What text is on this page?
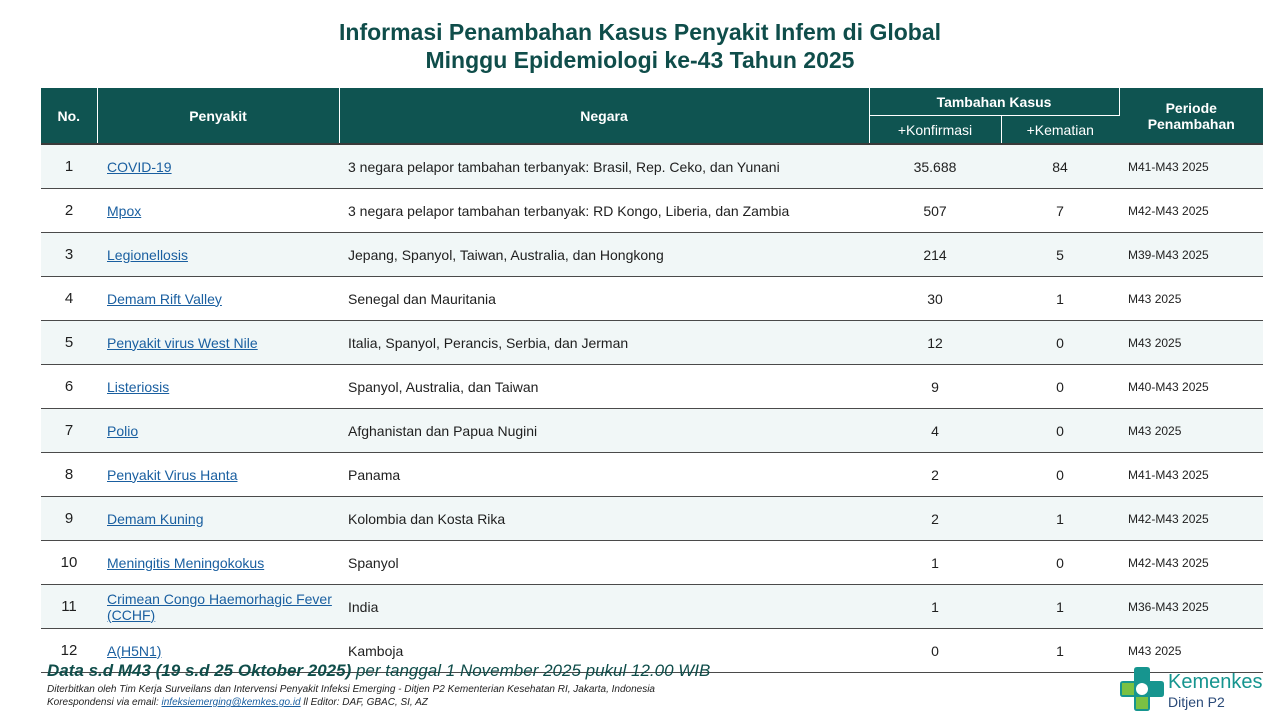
Informasi Penambahan Kasus Penyakit Infem di Global
Minggu Epidemiologi ke-43 Tahun 2025
No.	Penyakit	Negara	Tambahan Kasus		Periode
Penambahan

			+Konfirmasi	+Kematian	
1	COVID-19	3 negara pelapor tambahan terbanyak: Brasil, Rep. Ceko, dan Yunani	35.688	84	M41-M43 2025
2	Mpox	3 negara pelapor tambahan terbanyak: RD Kongo, Liberia, dan Zambia	507	7	M42-M43 2025
3	Legionellosis	Jepang, Spanyol, Taiwan, Australia, dan Hongkong	214	5	M39-M43 2025
4	Demam Rift Valley	Senegal dan Mauritania	30	1	M43 2025
5	Penyakit virus West Nile	Italia, Spanyol, Perancis, Serbia, dan Jerman	12	0	M43 2025
6	Listeriosis	Spanyol, Australia, dan Taiwan	9	0	M40-M43 2025
7	Polio	Afghanistan dan Papua Nugini	4	0	M43 2025
8	Penyakit Virus Hanta	Panama	2	0	M41-M43 2025
9	Demam Kuning	Kolombia dan Kosta Rika	2	1	M42-M43 2025
10	Meningitis Meningokokus	Spanyol	1	0	M42-M43 2025
11	Crimean Congo Haemorhagic Fever (CCHF)	India	1	1	M36-M43 2025
12	A(H5N1)	Kamboja	0	1	M43 2025
Data s.d M43 (19 s.d 25 Oktober 2025) per tanggal 1 November 2025 pukul 12.00 WIB
Diterbitkan oleh Tim Kerja Surveilans dan Intervensi Penyakit Infeksi Emerging - Ditjen P2 Kementerian Kesehatan RI, Jakarta, Indonesia
Korespondensi via email: infeksiemerging@kemkes.go.id ll Editor: DAF, GBAC, SI, AZ
Kemenkes
Ditjen P2
